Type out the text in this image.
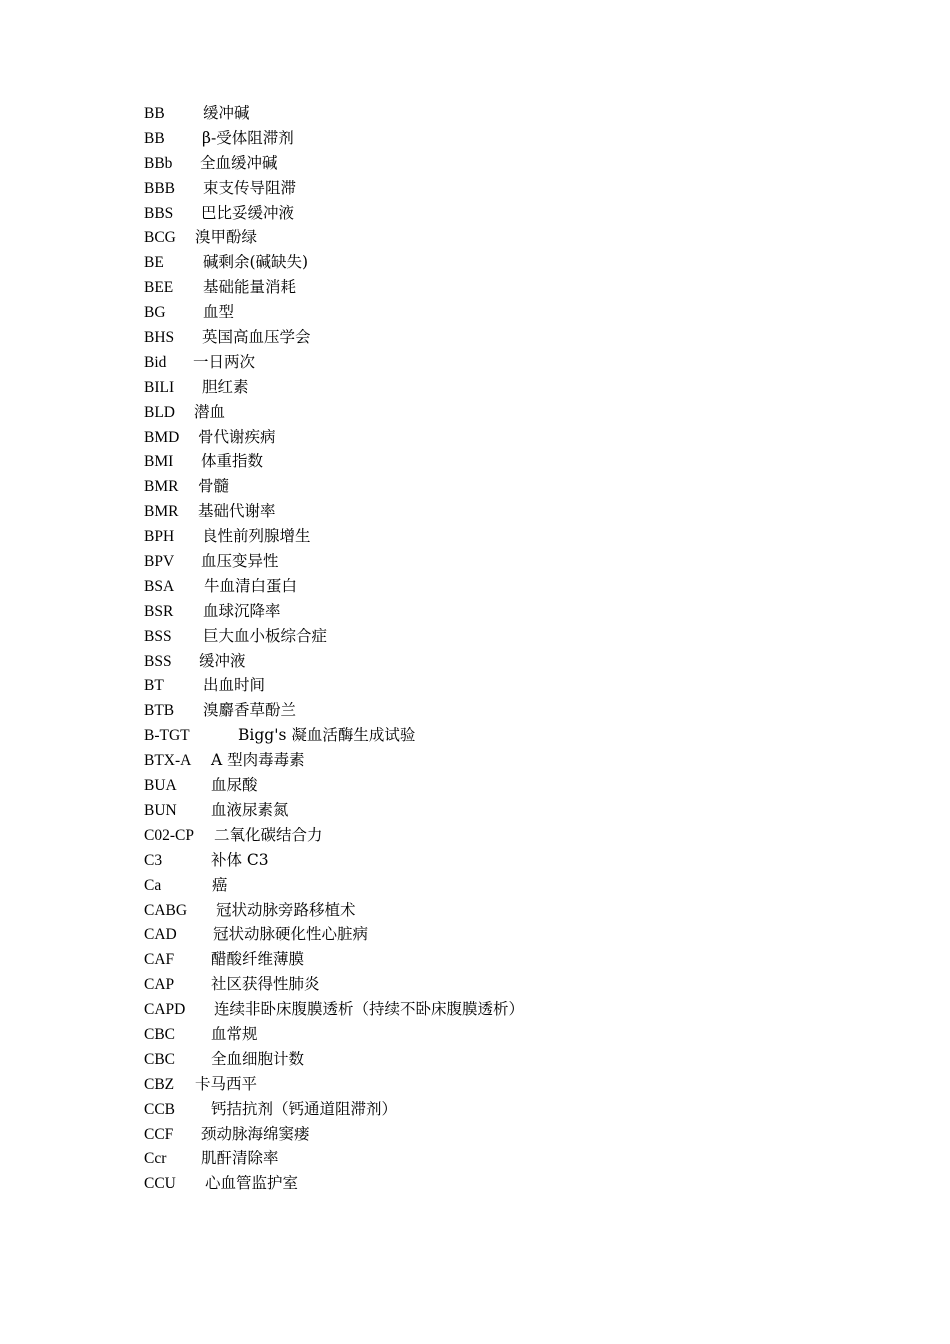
BB 缓冲碱
BB β-受体阻滞剂
BBb 全血缓冲碱
BBB 束支传导阻滞
BBS 巴比妥缓冲液
BCG 溴甲酚绿
BE	碱剩余(碱缺失)
BEE 基础能量消耗
BG 血型
BHS 英国高血压学会
Bid 一日两次
BILI 胆红素
BLD 潜血
BMD 骨代谢疾病
BMI 体重指数
BMR 骨髓
BMR 基础代谢率
BPH 良性前列腺增生
BPV 血压变异性
BSA 牛血清白蛋白
BSR 血球沉降率
BSS 巨大血小板综合症
BSS 缓冲液
BT	出血时间
BTB 溴麝香草酚兰
B-TGT	Bigg's 凝血活酶生成试验
BTX-A A 型肉毒毒素
BUA 血尿酸
BUN 血液尿素氮
C02-CP 二氧化碳结合力
C3	补体 C3
Ca	癌
CABG 冠状动脉旁路移植术
CAD 冠状动脉硬化性心脏病
CAF 醋酸纤维薄膜
CAP 社区获得性肺炎
CAPD 连续非卧床腹膜透析（持续不卧床腹膜透析）
CBC 血常规
CBC 全血细胞计数
CBZ 卡马西平
CCB 钙拮抗剂（钙通道阻滞剂）
CCF 颈动脉海绵窦瘘
Ccr 肌酐清除率
CCU 心血管监护室
